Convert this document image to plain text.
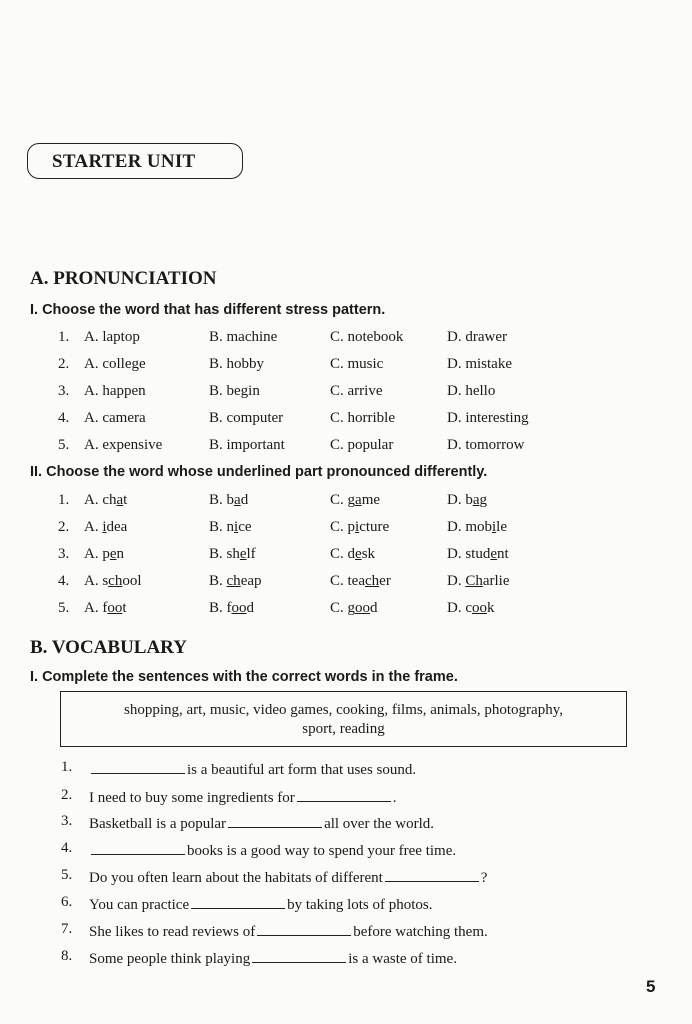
STARTER UNIT
A. PRONUNCIATION
I. Choose the word that has different stress pattern.
1. A. laptop	B. machine	C. notebook	D. drawer
2. A. college	B. hobby	C. music	D. mistake
3. A. happen	B. begin	C. arrive	D. hello
4. A. camera	B. computer	C. horrible	D. interesting
5. A. expensive	B. important	C. popular	D. tomorrow
II. Choose the word whose underlined part pronounced differently.
1. A. chat	B. bad	C. game	D. bag
2. A. idea	B. nice	C. picture	D. mobile
3. A. pen	B. shelf	C. desk	D. student
4. A. school	B. cheap	C. teacher	D. Charlie
5. A. foot	B. food	C. good	D. cook
B. VOCABULARY
I. Complete the sentences with the correct words in the frame.
shopping, art, music, video games, cooking, films, animals, photography,
sport, reading
1.	is a beautiful art form that uses sound.
2. I need to buy some ingredients for	.
3. Basketball is a popular	all over the world.
4.	books is a good way to spend your free time.
5. Do you often learn about the habitats of different	?
6. You can practice	by taking lots of photos.
7. She likes to read reviews of	before watching them.
8. Some people think playing	is a waste of time.
5
